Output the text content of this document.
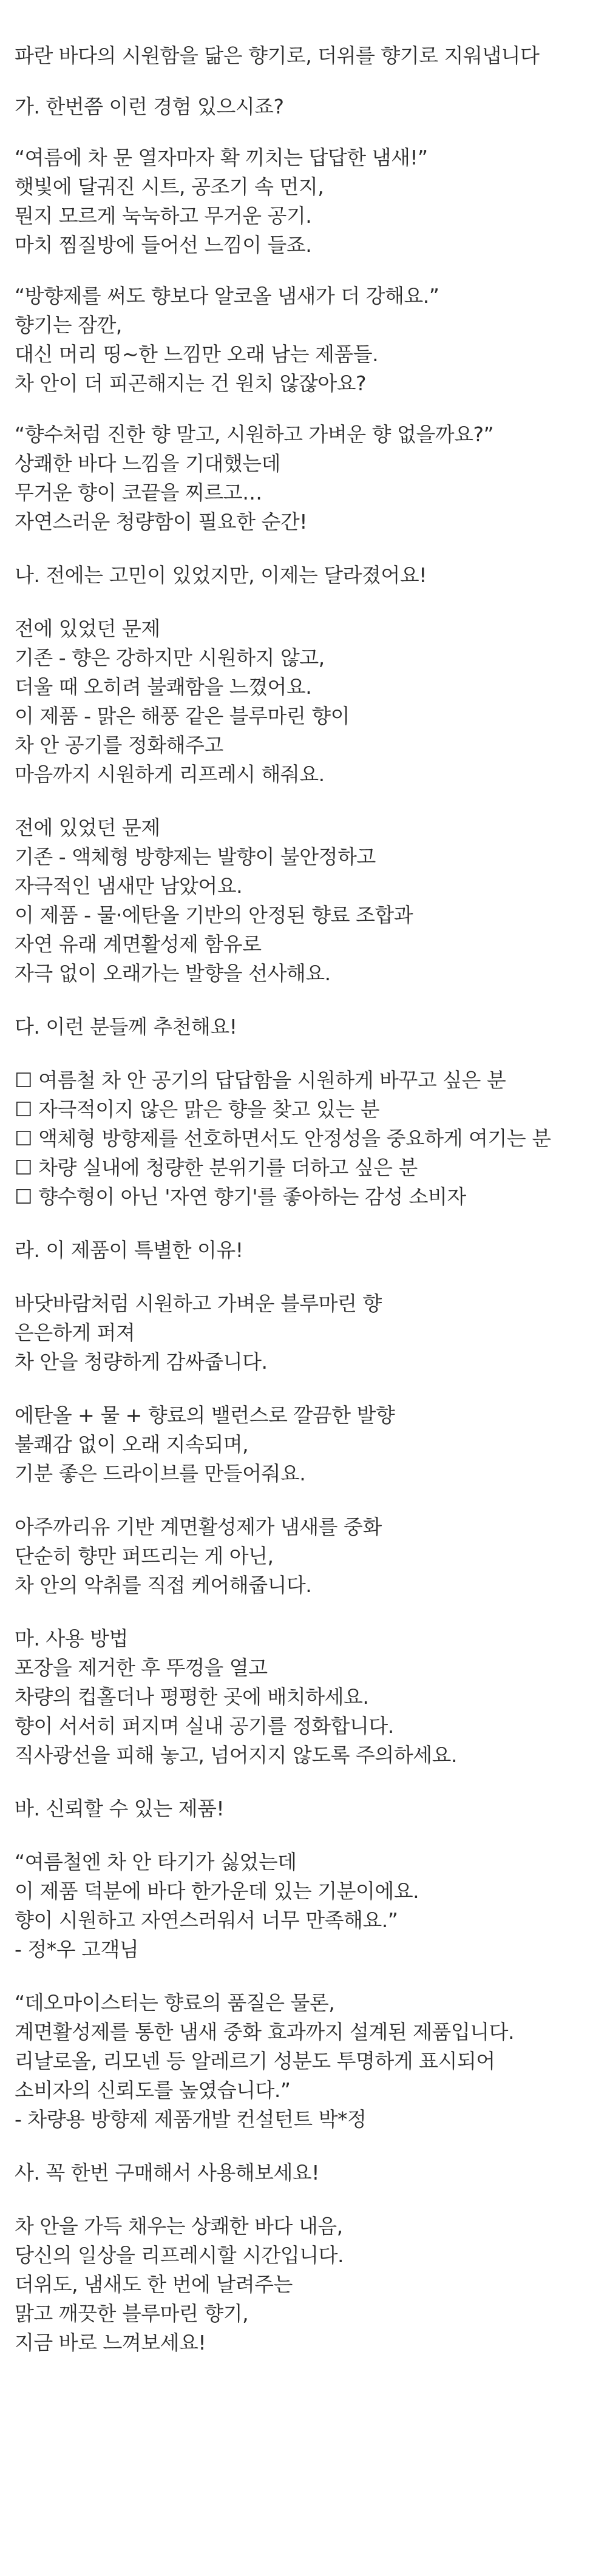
파란 바다의 시원함을 닮은 향기로, 더위를 향기로 지워냅니다
가. 한번쯤 이런 경험 있으시죠?
“여름에 차 문 열자마자 확 끼치는 답답한 냄새!”
햇빛에 달궈진 시트, 공조기 속 먼지,
뭔지 모르게 눅눅하고 무거운 공기.
마치 찜질방에 들어선 느낌이 들죠.
“방향제를 써도 향보다 알코올 냄새가 더 강해요.”
향기는 잠깐,
대신 머리 띵~한 느낌만 오래 남는 제품들.
차 안이 더 피곤해지는 건 원치 않잖아요?
“향수처럼 진한 향 말고, 시원하고 가벼운 향 없을까요?”
상쾌한 바다 느낌을 기대했는데
무거운 향이 코끝을 찌르고…
자연스러운 청량함이 필요한 순간!
나. 전에는 고민이 있었지만, 이제는 달라졌어요!
전에 있었던 문제
기존 - 향은 강하지만 시원하지 않고,
더울 때 오히려 불쾌함을 느꼈어요.
이 제품 - 맑은 해풍 같은 블루마린 향이
차 안 공기를 정화해주고
마음까지 시원하게 리프레시 해줘요.
전에 있었던 문제
기존 - 액체형 방향제는 발향이 불안정하고
자극적인 냄새만 남았어요.
이 제품 - 물·에탄올 기반의 안정된 향료 조합과
자연 유래 계면활성제 함유로
자극 없이 오래가는 발향을 선사해요.
다. 이런 분들께 추천해요!
☐ 여름철 차 안 공기의 답답함을 시원하게 바꾸고 싶은 분
☐ 자극적이지 않은 맑은 향을 찾고 있는 분
☐ 액체형 방향제를 선호하면서도 안정성을 중요하게 여기는 분
☐ 차량 실내에 청량한 분위기를 더하고 싶은 분
☐ 향수형이 아닌 '자연 향기'를 좋아하는 감성 소비자
라. 이 제품이 특별한 이유!
바닷바람처럼 시원하고 가벼운 블루마린 향
은은하게 퍼져
차 안을 청량하게 감싸줍니다.
에탄올 + 물 + 향료의 밸런스로 깔끔한 발향
불쾌감 없이 오래 지속되며,
기분 좋은 드라이브를 만들어줘요.
아주까리유 기반 계면활성제가 냄새를 중화
단순히 향만 퍼뜨리는 게 아닌,
차 안의 악취를 직접 케어해줍니다.
마. 사용 방법
포장을 제거한 후 뚜껑을 열고
차량의 컵홀더나 평평한 곳에 배치하세요.
향이 서서히 퍼지며 실내 공기를 정화합니다.
직사광선을 피해 놓고, 넘어지지 않도록 주의하세요.
바. 신뢰할 수 있는 제품!
“여름철엔 차 안 타기가 싫었는데
이 제품 덕분에 바다 한가운데 있는 기분이에요.
향이 시원하고 자연스러워서 너무 만족해요.”
- 정*우 고객님
“데오마이스터는 향료의 품질은 물론,
계면활성제를 통한 냄새 중화 효과까지 설계된 제품입니다.
리날로올, 리모넨 등 알레르기 성분도 투명하게 표시되어
소비자의 신뢰도를 높였습니다.”
- 차량용 방향제 제품개발 컨설턴트 박*정
사. 꼭 한번 구매해서 사용해보세요!
차 안을 가득 채우는 상쾌한 바다 내음,
당신의 일상을 리프레시할 시간입니다.
더위도, 냄새도 한 번에 날려주는
맑고 깨끗한 블루마린 향기,
지금 바로 느껴보세요!
